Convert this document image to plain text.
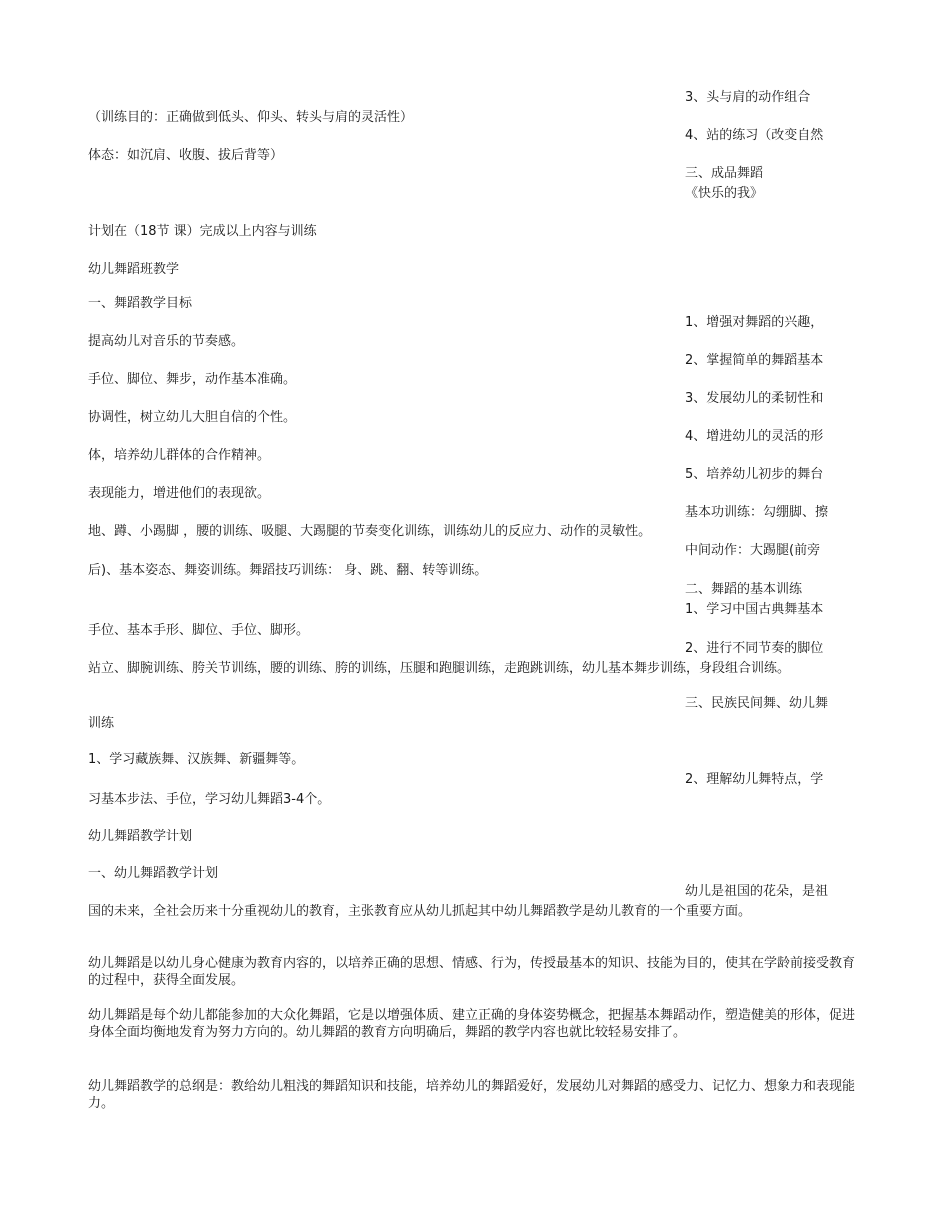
3、头与肩的动作组合
（训练目的：正确做到低头、仰头、转头与肩的灵活性）
4、站的练习（改变自然
体态：如沉肩、收腹、拔后背等）
三、成品舞蹈
《快乐的我》
计划在（18节 课）完成以上内容与训练
幼儿舞蹈班教学
一、舞蹈教学目标
1、增强对舞蹈的兴趣，
提高幼儿对音乐的节奏感。
2、掌握简单的舞蹈基本
手位、脚位、舞步，动作基本准确。
3、发展幼儿的柔韧性和
协调性，树立幼儿大胆自信的个性。
4、增进幼儿的灵活的形
体，培养幼儿群体的合作精神。
5、培养幼儿初步的舞台
表现能力，增进他们的表现欲。
基本功训练：勾绷脚、擦
地、蹲、小踢脚 ，腰的训练、吸腿、大踢腿的节奏变化训练，训练幼儿的反应力、动作的灵敏性。
中间动作：大踢腿(前旁
后)、基本姿态、舞姿训练。舞蹈技巧训练： 身、跳、翻、转等训练。
二、舞蹈的基本训练
1、学习中国古典舞基本
手位、基本手形、脚位、手位、脚形。
2、进行不同节奏的脚位
站立、脚腕训练、胯关节训练，腰的训练、胯的训练，压腿和跑腿训练，走跑跳训练，幼儿基本舞步训练，身段组合训练。
三、民族民间舞、幼儿舞
训练
1、学习藏族舞、汉族舞、新疆舞等。
2、理解幼儿舞特点，学
习基本步法、手位，学习幼儿舞蹈3-4个。
幼儿舞蹈教学计划
一、幼儿舞蹈教学计划
幼儿是祖国的花朵，是祖
国的未来，全社会历来十分重视幼儿的教育，主张教育应从幼儿抓起其中幼儿舞蹈教学是幼儿教育的一个重要方面。
幼儿舞蹈是以幼儿身心健康为教育内容的，以培养正确的思想、情感、行为，传授最基本的知识、技能为目的，使其在学龄前接受教育的过程中，获得全面发展。
幼儿舞蹈是每个幼儿都能参加的大众化舞蹈，它是以增强体质、建立正确的身体姿势概念，把握基本舞蹈动作，塑造健美的形体，促进身体全面均衡地发育为努力方向的。幼儿舞蹈的教育方向明确后，舞蹈的教学内容也就比较轻易安排了。
幼儿舞蹈教学的总纲是：教给幼儿粗浅的舞蹈知识和技能，培养幼儿的舞蹈爱好，发展幼儿对舞蹈的感受力、记忆力、想象力和表现能力。
